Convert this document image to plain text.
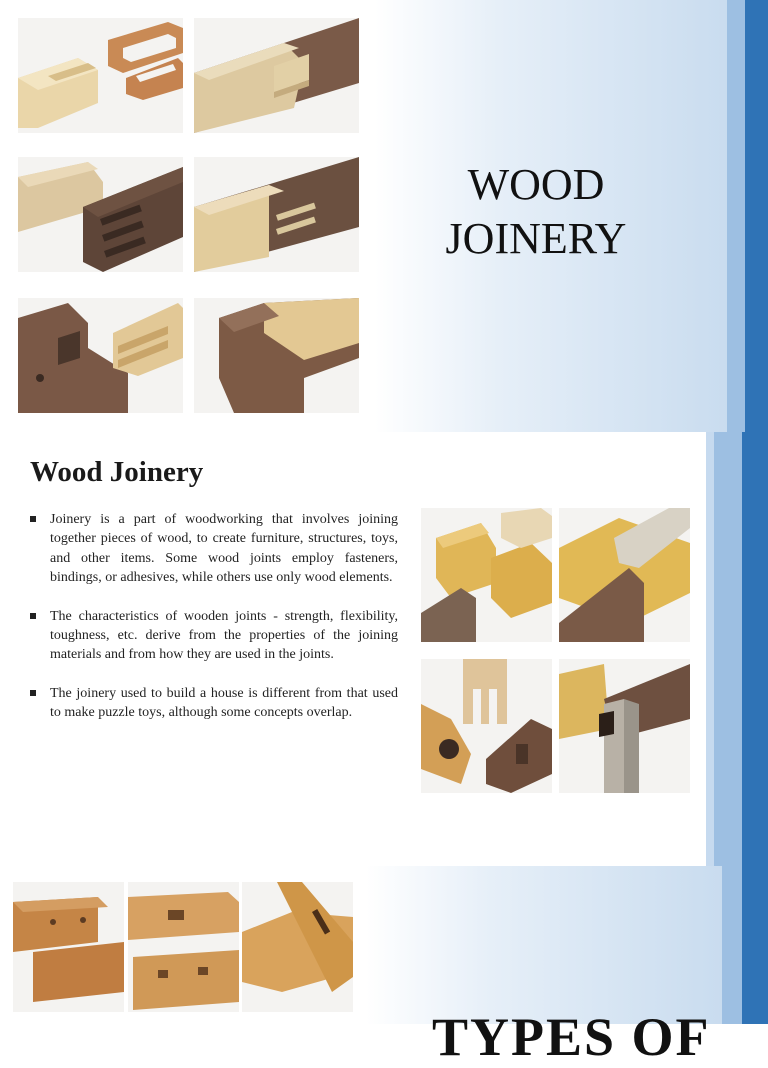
WOOD
JOINERY
Wood Joinery
Joinery is a part of woodworking that involves joining together pieces of wood, to create furniture, structures, toys, and other items. Some wood joints employ fasteners, bindings, or adhesives, while others use only wood elements.
The characteristics of wooden joints - strength, flexibility, toughness, etc. derive from the properties of the joining materials and from how they are used in the joints.
The joinery used to build a house is different from that used to make puzzle toys, although some concepts overlap.
TYPES OF
